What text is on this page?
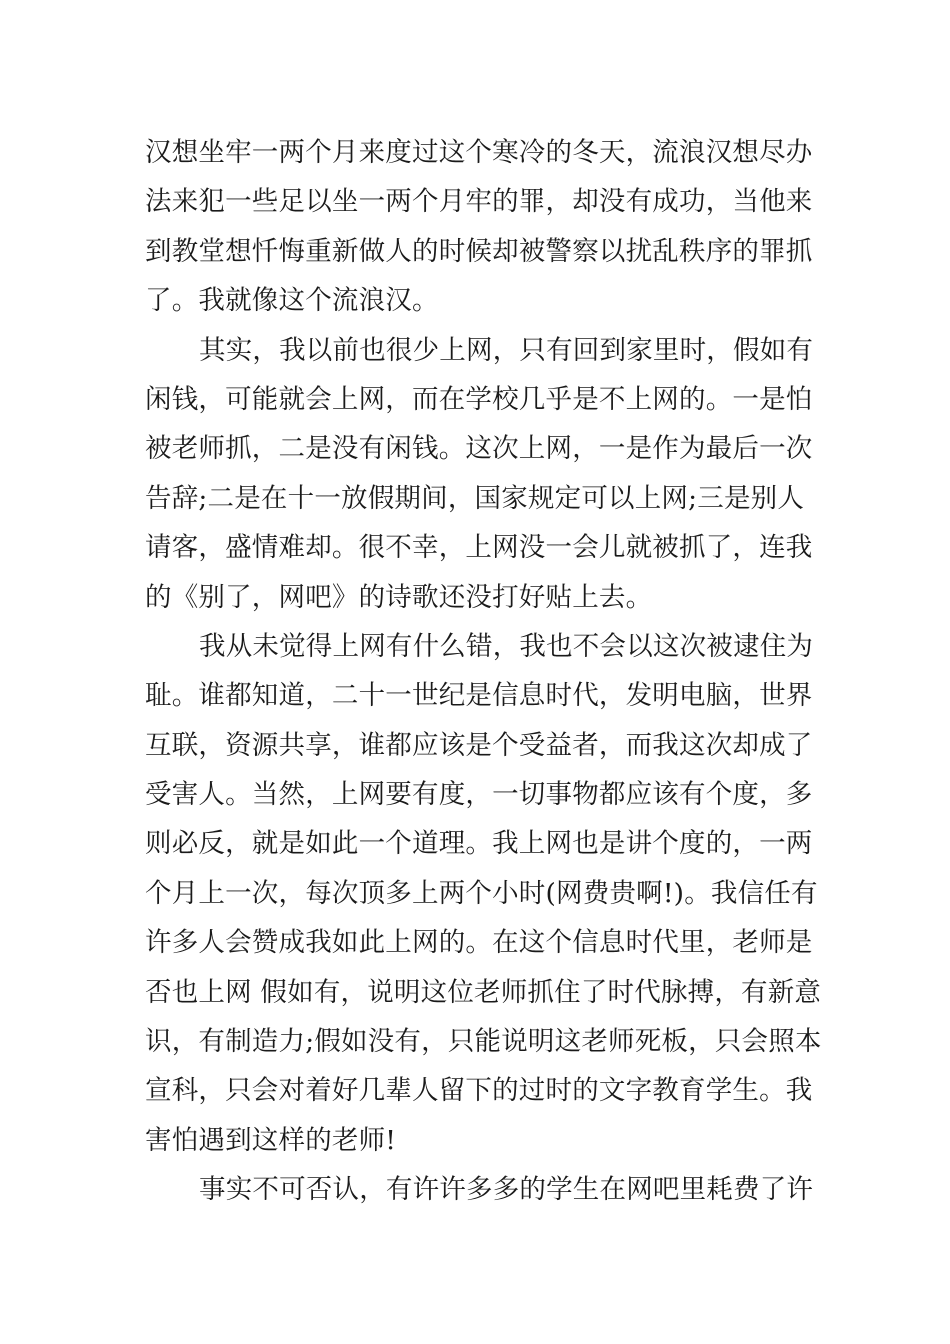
汉想坐牢一两个月来度过这个寒冷的冬天，流浪汉想尽办
法来犯一些足以坐一两个月牢的罪，却没有成功，当他来
到教堂想忏悔重新做人的时候却被警察以扰乱秩序的罪抓
了。我就像这个流浪汉。
其实，我以前也很少上网，只有回到家里时，假如有
闲钱，可能就会上网，而在学校几乎是不上网的。一是怕
被老师抓，二是没有闲钱。这次上网，一是作为最后一次
告辞;二是在十一放假期间，国家规定可以上网;三是别人
请客，盛情难却。很不幸，上网没一会儿就被抓了，连我
的《别了，网吧》的诗歌还没打好贴上去。
我从未觉得上网有什么错，我也不会以这次被逮住为
耻。谁都知道，二十一世纪是信息时代，发明电脑，世界
互联，资源共享，谁都应该是个受益者，而我这次却成了
受害人。当然，上网要有度，一切事物都应该有个度，多
则必反，就是如此一个道理。我上网也是讲个度的，一两
个月上一次，每次顶多上两个小时(网费贵啊!)。我信任有
许多人会赞成我如此上网的。在这个信息时代里，老师是
否也上网 假如有，说明这位老师抓住了时代脉搏，有新意
识，有制造力;假如没有，只能说明这老师死板，只会照本
宣科，只会对着好几辈人留下的过时的文字教育学生。我
害怕遇到这样的老师!
事实不可否认，有许许多多的学生在网吧里耗费了许
